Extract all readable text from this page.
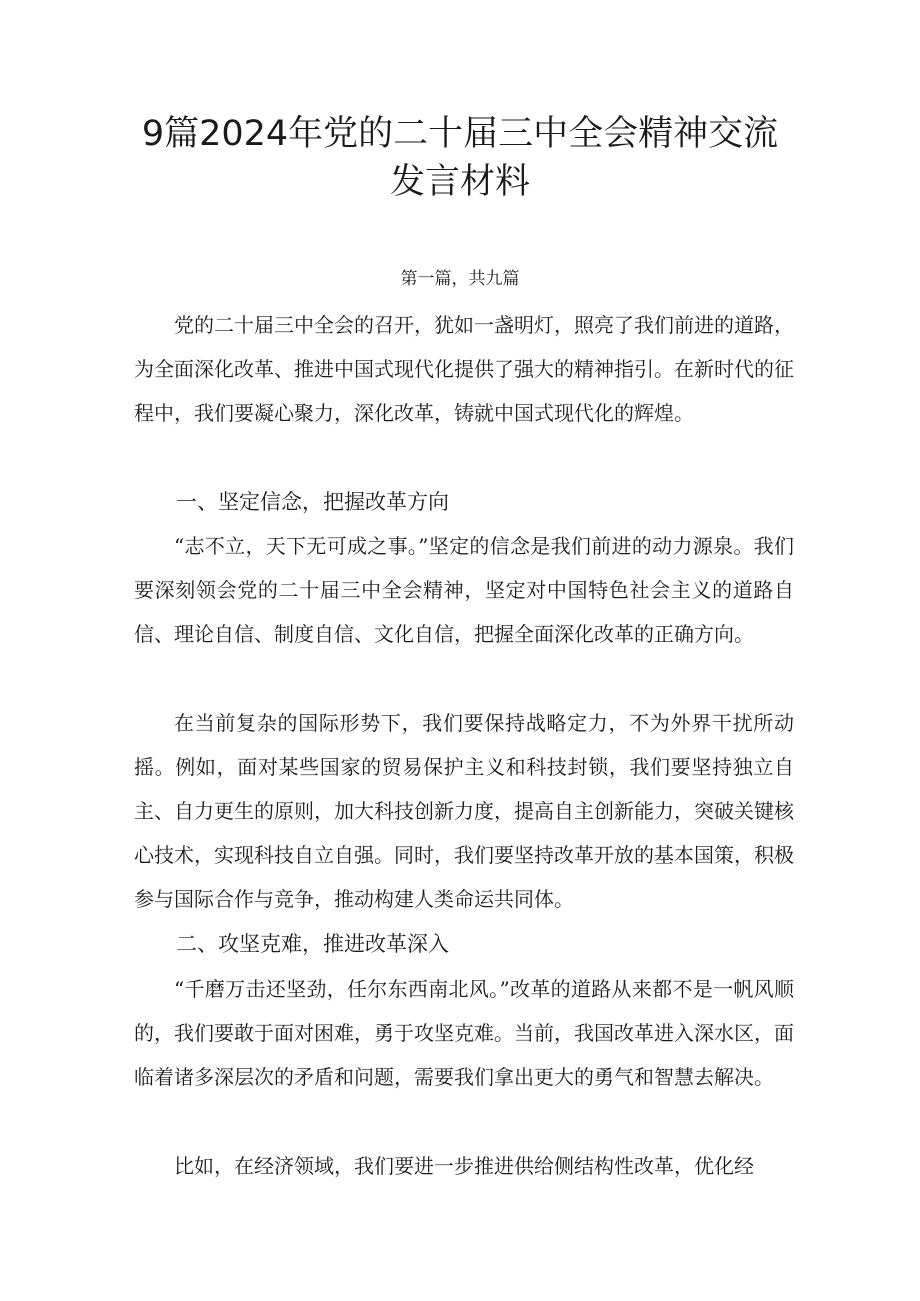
9篇2024年党的二十届三中全会精神交流
发言材料

第一篇，共九篇

党的二十届三中全会的召开，犹如一盏明灯，照亮了我们前进的道路，为全面深化改革、推进中国式现代化提供了强大的精神指引。在新时代的征程中，我们要凝心聚力，深化改革，铸就中国式现代化的辉煌。

一、坚定信念，把握改革方向

“志不立，天下无可成之事。”坚定的信念是我们前进的动力源泉。我们要深刻领会党的二十届三中全会精神，坚定对中国特色社会主义的道路自信、理论自信、制度自信、文化自信，把握全面深化改革的正确方向。

在当前复杂的国际形势下，我们要保持战略定力，不为外界干扰所动摇。例如，面对某些国家的贸易保护主义和科技封锁，我们要坚持独立自主、自力更生的原则，加大科技创新力度，提高自主创新能力，突破关键核心技术，实现科技自立自强。同时，我们要坚持改革开放的基本国策，积极参与国际合作与竞争，推动构建人类命运共同体。

二、攻坚克难，推进改革深入

“千磨万击还坚劲，任尔东西南北风。”改革的道路从来都不是一帆风顺的，我们要敢于面对困难，勇于攻坚克难。当前，我国改革进入深水区，面临着诸多深层次的矛盾和问题，需要我们拿出更大的勇气和智慧去解决。

比如，在经济领域，我们要进一步推进供给侧结构性改革，优化经
